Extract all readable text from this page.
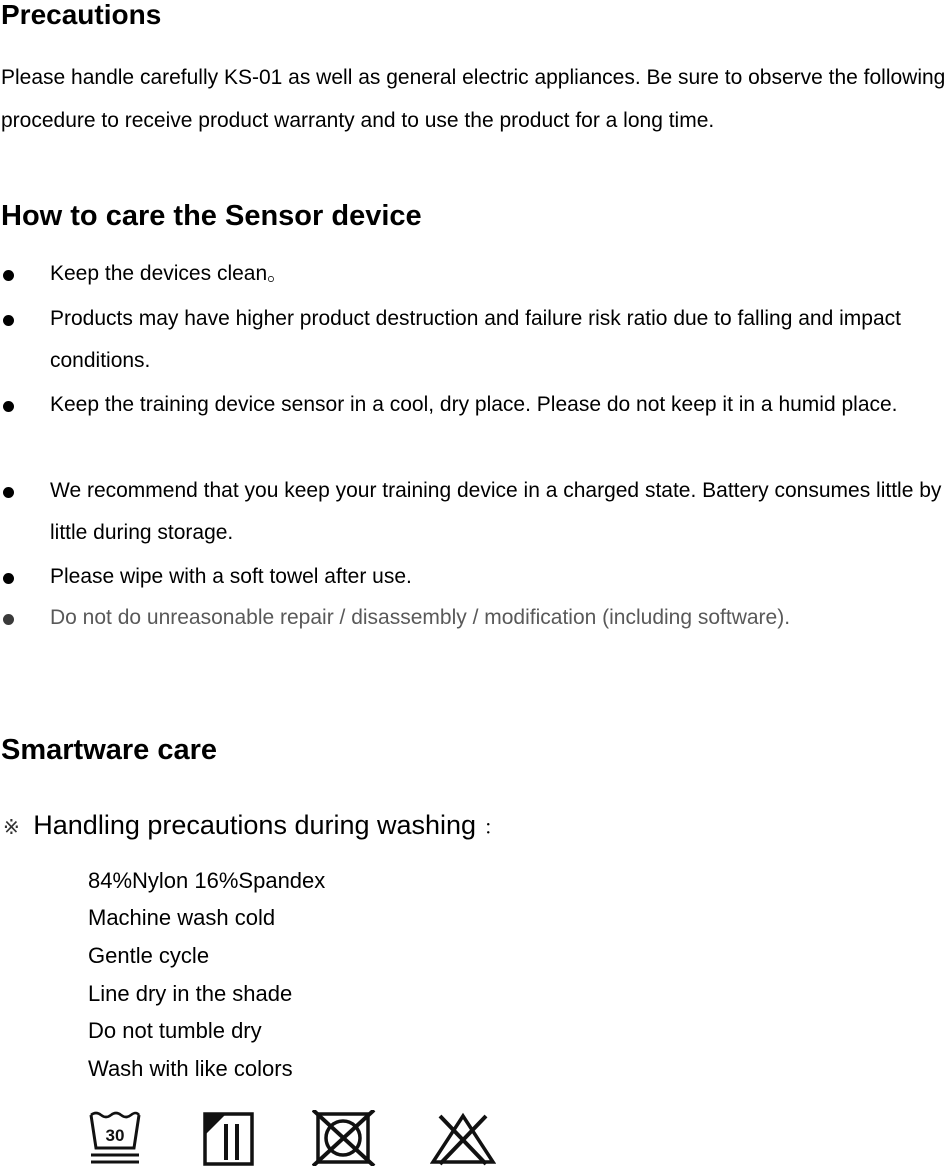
Precautions
Please handle carefully KS-01 as well as general electric appliances. Be sure to observe the following procedure to receive product warranty and to use the product for a long time.
How to care the Sensor device
Keep the devices clean。
Products may have higher product destruction and failure risk ratio due to falling and impact conditions.
Keep the training device sensor in a cool, dry place. Please do not keep it in a humid place.
We recommend that you keep your training device in a charged state. Battery consumes little by little during storage.
Please wipe with a soft towel after use.
Do not do unreasonable repair / disassembly / modification (including software).
Smartware care
※ Handling precautions during washing ：
84%Nylon 16%Spandex
Machine wash cold
Gentle cycle
Line dry in the shade
Do not tumble dry
Wash with like colors
30
